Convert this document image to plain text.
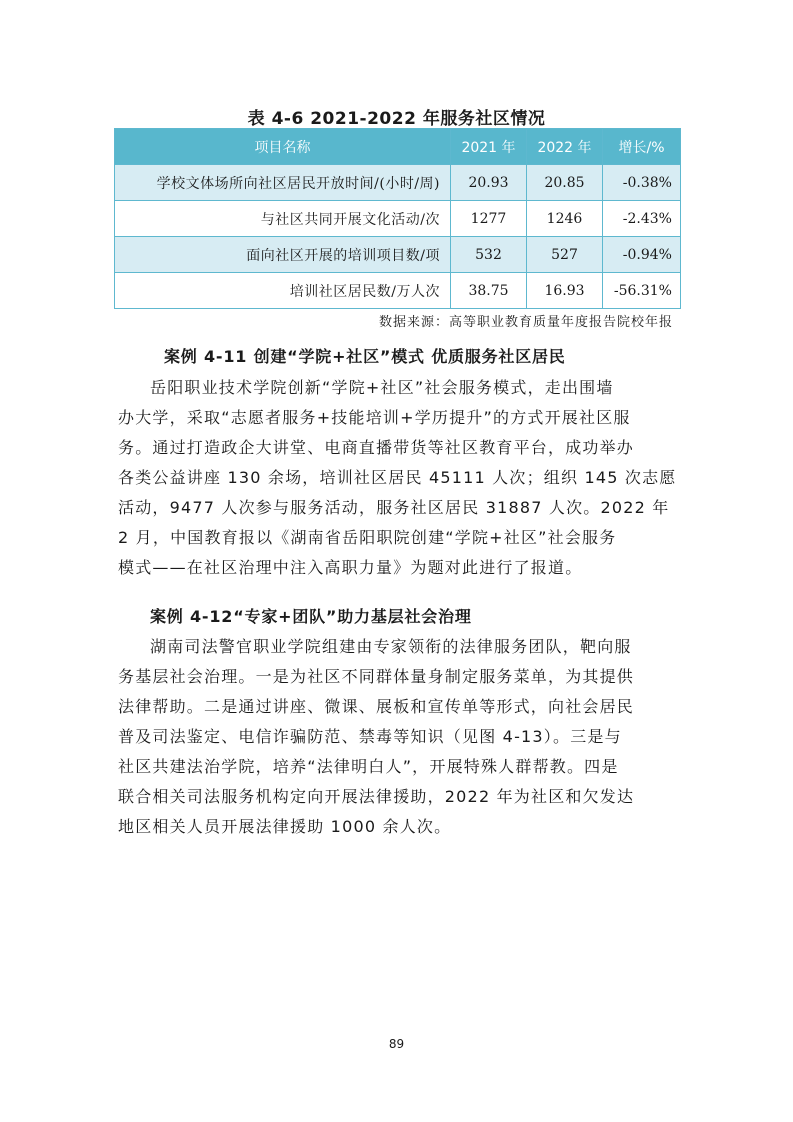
表 4-6 2021-2022 年服务社区情况
项目名称	2021 年	2022 年	增长/%
学校文体场所向社区居民开放时间/(小时/周)	20.93	20.85	-0.38%
与社区共同开展文化活动/次	1277	1246	-2.43%
面向社区开展的培训项目数/项	532	527	-0.94%
培训社区居民数/万人次	38.75	16.93	-56.31%
数据来源：高等职业教育质量年度报告院校年报
案例 4-11 创建“学院+社区”模式 优质服务社区居民
岳阳职业技术学院创新“学院+社区”社会服务模式，走出围墙
办大学，采取“志愿者服务+技能培训+学历提升”的方式开展社区服
务。通过打造政企大讲堂、电商直播带货等社区教育平台，成功举办
各类公益讲座 130 余场，培训社区居民 45111 人次；组织 145 次志愿
活动，9477 人次参与服务活动，服务社区居民 31887 人次。2022 年
2 月，中国教育报以《湖南省岳阳职院创建“学院+社区”社会服务
模式——在社区治理中注入高职力量》为题对此进行了报道。
案例 4-12“专家+团队”助力基层社会治理
湖南司法警官职业学院组建由专家领衔的法律服务团队，靶向服
务基层社会治理。一是为社区不同群体量身制定服务菜单，为其提供
法律帮助。二是通过讲座、微课、展板和宣传单等形式，向社会居民
普及司法鉴定、电信诈骗防范、禁毒等知识（见图 4-13）。三是与
社区共建法治学院，培养“法律明白人”，开展特殊人群帮教。四是
联合相关司法服务机构定向开展法律援助，2022 年为社区和欠发达
地区相关人员开展法律援助 1000 余人次。
89
